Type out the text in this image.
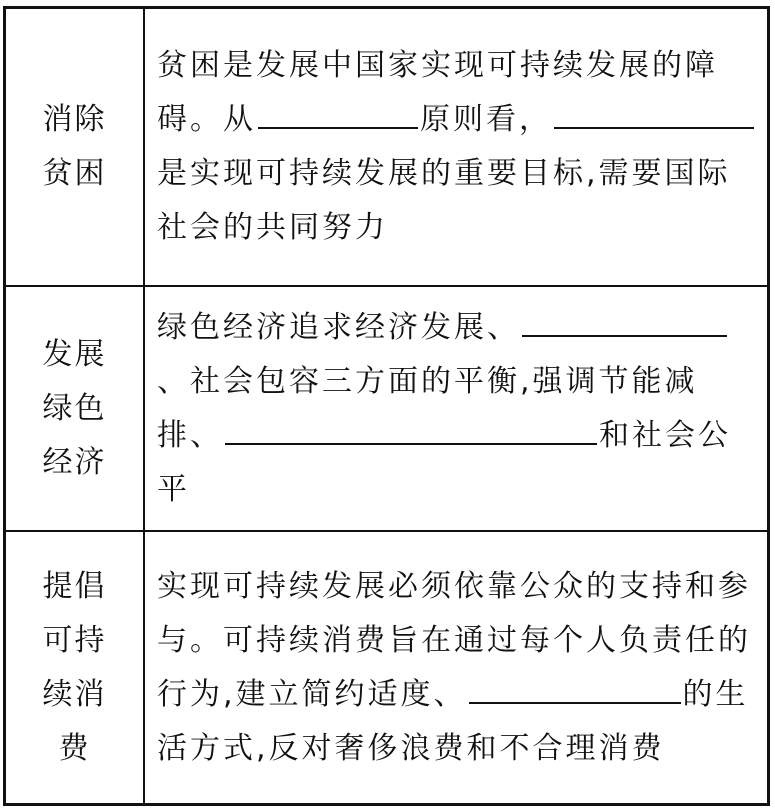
消除
贫困	贫困是发展中国家实现可持续发展的障碍。从 原则看，是实现可持续发展的重要目标,需要国际社会的共同努力

发展
绿色
经济	绿色经济追求经济发展、、社会包容三方面的平衡,强调节能减排、 和社会公平

提倡
可持
续消
费	实现可持续发展必须依靠公众的支持和参与。可持续消费旨在通过每个人负责任的行为,建立简约适度、 的生活方式,反对奢侈浪费和不合理消费
